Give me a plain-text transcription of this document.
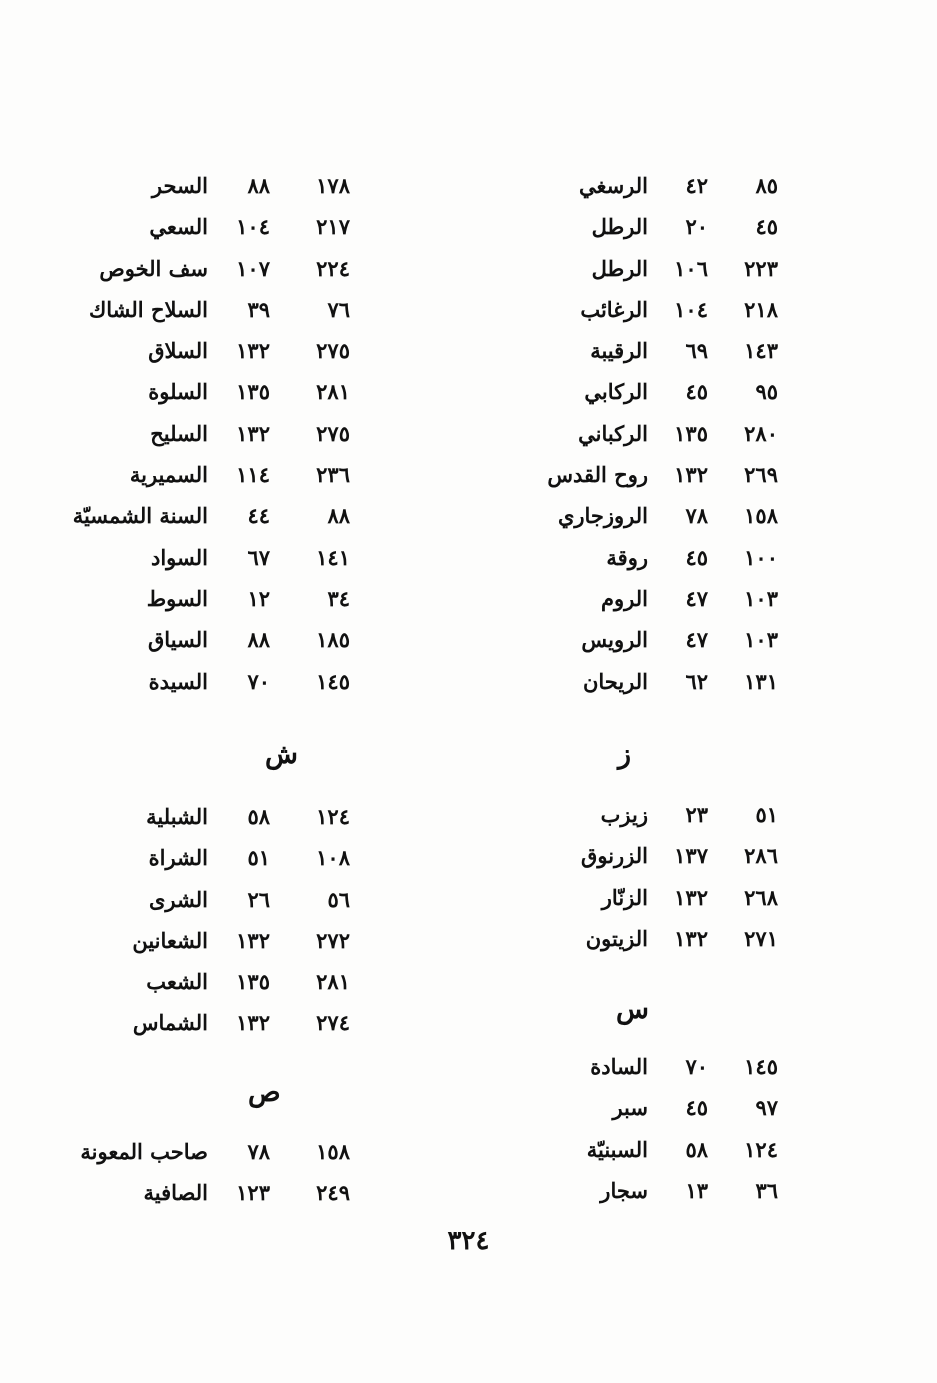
٨٥
٤٢
الرسغي
٤٥
٢٠
الرطل
٢٢٣
١٠٦
الرطل
٢١٨
١٠٤
الرغائب
١٤٣
٦٩
الرقيبة
٩٥
٤٥
الركابي
٢٨٠
١٣٥
الركباني
٢٦٩
١٣٢
روح القدس
١٥٨
٧٨
الروزجاري
١٠٠
٤٥
روقة
١٠٣
٤٧
الروم
١٠٣
٤٧
الرويس
١٣١
٦٢
الريحان
ز
٥١
٢٣
زيزب
٢٨٦
١٣٧
الزرنوق
٢٦٨
١٣٢
الزنّار
٢٧١
١٣٢
الزيتون
س
١٤٥
٧٠
السادة
٩٧
٤٥
سبر
١٢٤
٥٨
السبنيّة
٣٦
١٣
سجار
١٧٨
٨٨
السحر
٢١٧
١٠٤
السعي
٢٢٤
١٠٧
سف الخوص
٧٦
٣٩
السلاح الشاك
٢٧٥
١٣٢
السلاق
٢٨١
١٣٥
السلوة
٢٧٥
١٣٢
السليح
٢٣٦
١١٤
السميرية
٨٨
٤٤
السنة الشمسيّة
١٤١
٦٧
السواد
٣٤
١٢
السوط
١٨٥
٨٨
السياق
١٤٥
٧٠
السيدة
ش
١٢٤
٥٨
الشبلية
١٠٨
٥١
الشراة
٥٦
٢٦
الشرى
٢٧٢
١٣٢
الشعانين
٢٨١
١٣٥
الشعب
٢٧٤
١٣٢
الشماس
ص
١٥٨
٧٨
صاحب المعونة
٢٤٩
١٢٣
الصافية
٣٢٤
